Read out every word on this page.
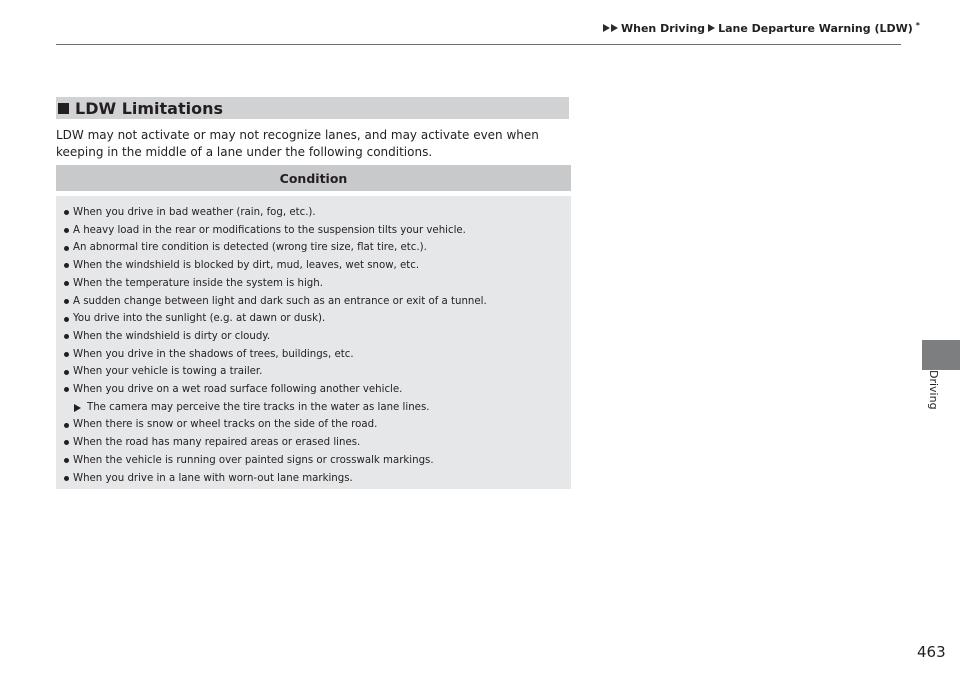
When Driving Lane Departure Warning (LDW) *
LDW Limitations
LDW may not activate or may not recognize lanes, and may activate even when keeping in the middle of a lane under the following conditions.
Condition
When you drive in bad weather (rain, fog, etc.).
A heavy load in the rear or modifications to the suspension tilts your vehicle.
An abnormal tire condition is detected (wrong tire size, flat tire, etc.).
When the windshield is blocked by dirt, mud, leaves, wet snow, etc.
When the temperature inside the system is high.
A sudden change between light and dark such as an entrance or exit of a tunnel.
You drive into the sunlight (e.g. at dawn or dusk).
When the windshield is dirty or cloudy.
When you drive in the shadows of trees, buildings, etc.
When your vehicle is towing a trailer.
When you drive on a wet road surface following another vehicle.
The camera may perceive the tire tracks in the water as lane lines.
When there is snow or wheel tracks on the side of the road.
When the road has many repaired areas or erased lines.
When the vehicle is running over painted signs or crosswalk markings.
When you drive in a lane with worn-out lane markings.
Driving
463
